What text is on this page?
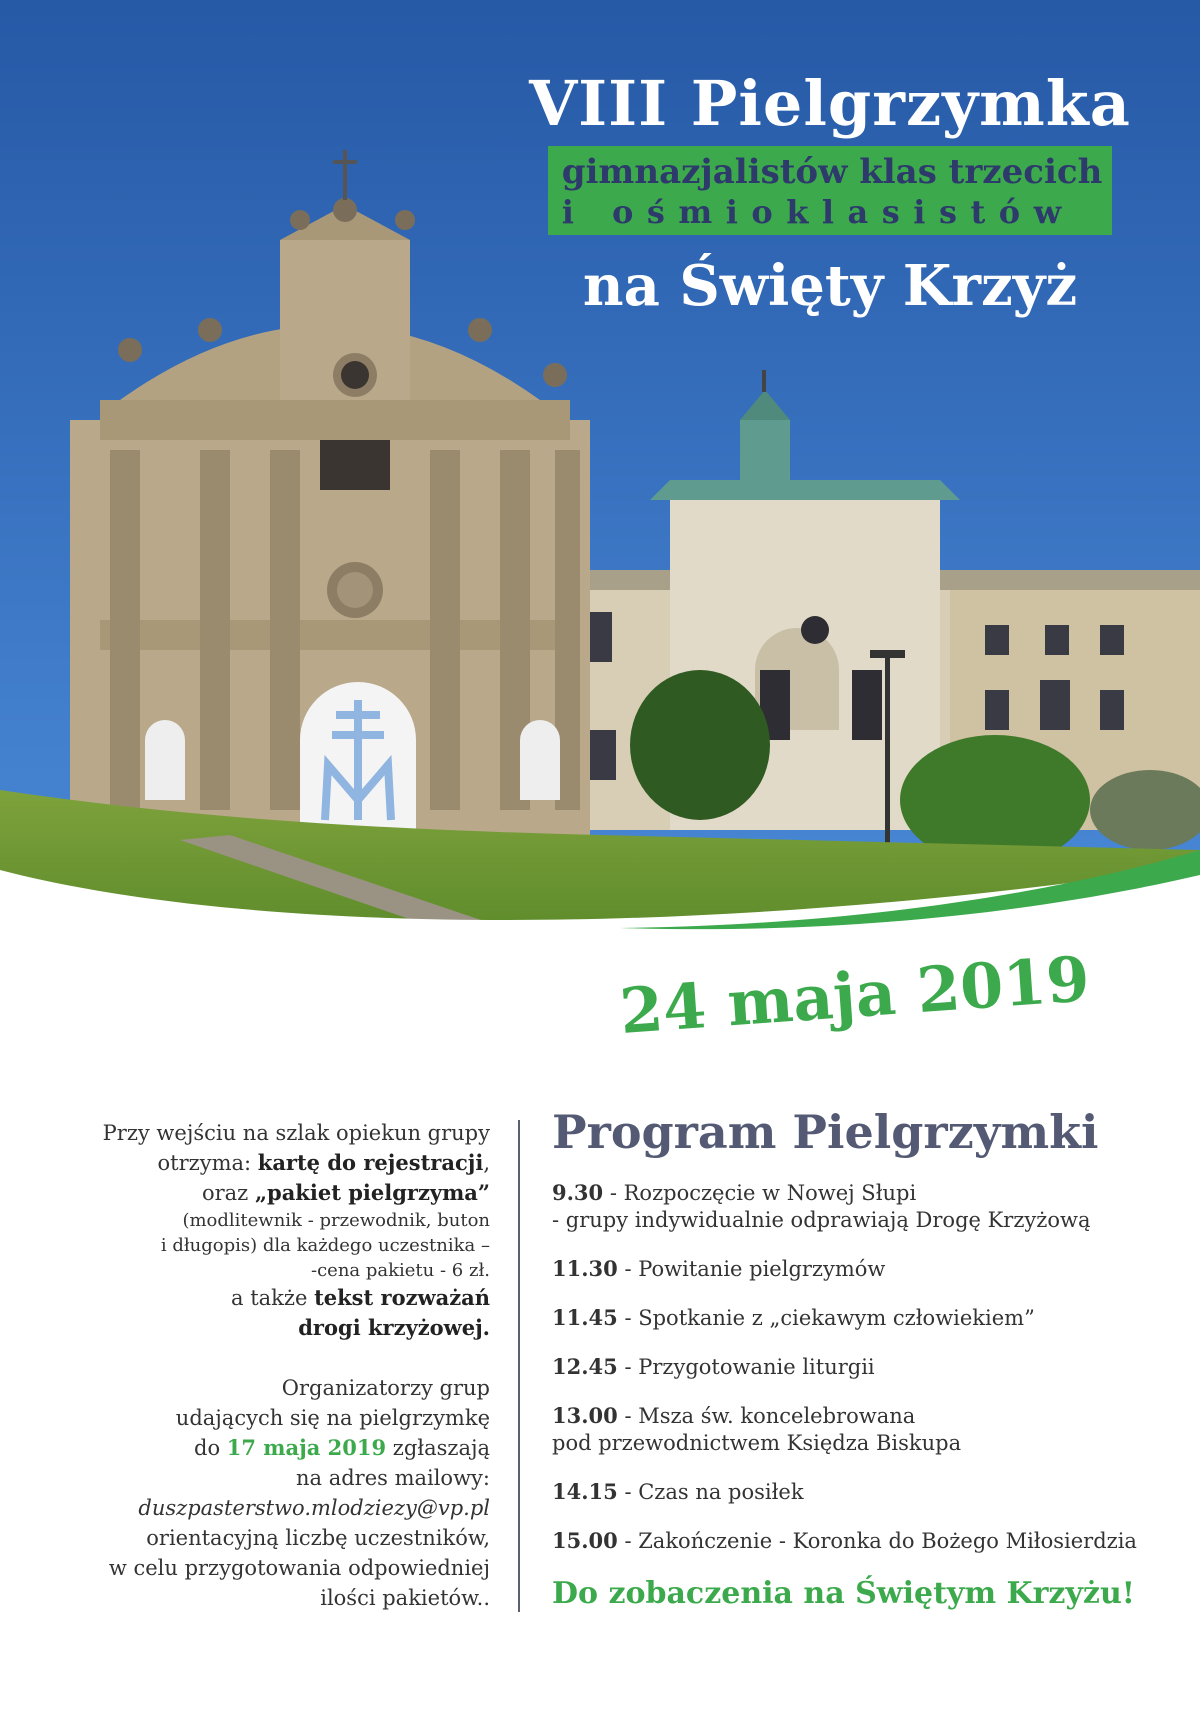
VIII Pielgrzymka
gimnazjalistów klas trzecich
i ośmioklasistów
na Święty Krzyż
24 maja 2019
Przy wejściu na szlak opiekun grupy
otrzyma: kartę do rejestracji,
oraz „pakiet pielgrzyma”
(modlitewnik - przewodnik, buton
i długopis) dla każdego uczestnika –
-cena pakietu - 6 zł.
a także tekst rozważań
drogi krzyżowej.
Organizatorzy grup
udających się na pielgrzymkę
do 17 maja 2019 zgłaszają
na adres mailowy:
duszpasterstwo.mlodziezy@vp.pl
orientacyjną liczbę uczestników,
w celu przygotowania odpowiedniej
ilości pakietów..
Program Pielgrzymki
9.30 - Rozpoczęcie w Nowej Słupi
- grupy indywidualnie odprawiają Drogę Krzyżową
11.30 - Powitanie pielgrzymów
11.45 - Spotkanie z „ciekawym człowiekiem”
12.45 - Przygotowanie liturgii
13.00 - Msza św. koncelebrowana
pod przewodnictwem Księdza Biskupa
14.15 - Czas na posiłek
15.00 - Zakończenie - Koronka do Bożego Miłosierdzia
Do zobaczenia na Świętym Krzyżu!
